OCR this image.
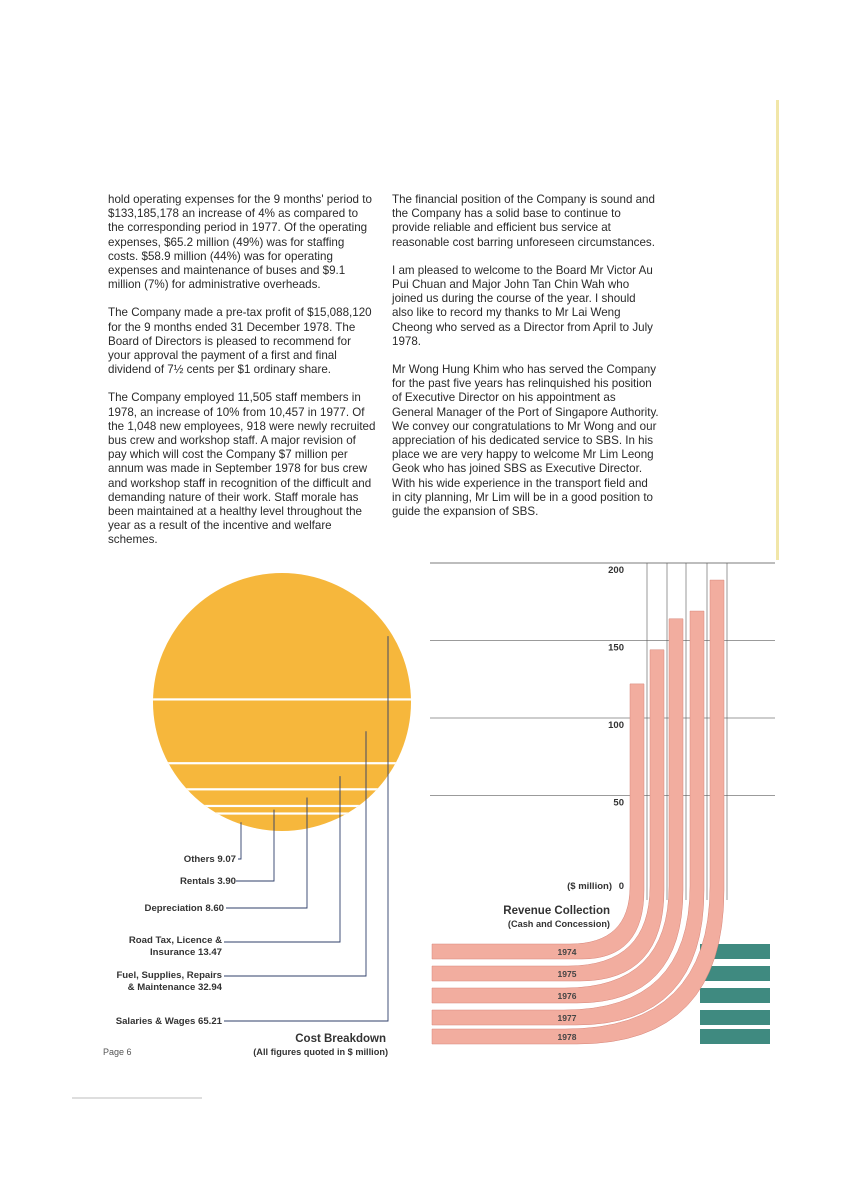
hold operating expenses for the 9 months' period to $133,185,178 an increase of 4% as compared to the corresponding period in 1977. Of the operating expenses, $65.2 million (49%) was for staffing costs. $58.9 million (44%) was for operating expenses and maintenance of buses and $9.1 million (7%) for administrative overheads.

The Company made a pre-tax profit of $15,088,120 for the 9 months ended 31 December 1978. The Board of Directors is pleased to recommend for your approval the payment of a first and final dividend of 7½ cents per $1 ordinary share.

The Company employed 11,505 staff members in 1978, an increase of 10% from 10,457 in 1977. Of the 1,048 new employees, 918 were newly recruited bus crew and workshop staff. A major revision of pay which will cost the Company $7 million per annum was made in September 1978 for bus crew and workshop staff in recognition of the difficult and demanding nature of their work. Staff morale has been maintained at a healthy level throughout the year as a result of the incentive and welfare schemes.

The financial position of the Company is sound and the Company has a solid base to continue to provide reliable and efficient bus service at reasonable cost barring unforeseen circumstances.

I am pleased to welcome to the Board Mr Victor Au Pui Chuan and Major John Tan Chin Wah who joined us during the course of the year. I should also like to record my thanks to Mr Lai Weng Cheong who served as a Director from April to July 1978.

Mr Wong Hung Khim who has served the Company for the past five years has relinquished his position of Executive Director on his appointment as General Manager of the Port of Singapore Authority. We convey our congratulations to Mr Wong and our appreciation of his dedicated service to SBS. In his place we are very happy to welcome Mr Lim Leong Geok who has joined SBS as Executive Director. With his wide experience in the transport field and in city planning, Mr Lim will be in a good position to guide the expansion of SBS.

Others 9.07
Rentals 3.90
Depreciation 8.60
Road Tax, Licence &
Insurance 13.47
Fuel, Supplies, Repairs
& Maintenance 32.94
Salaries & Wages 65.21
Cost Breakdown
(All figures quoted in $ million)
Page 6
0
50
100
150
200
1974
1975
1976
1977
1978
($ million)
Revenue Collection
(Cash and Concession)
